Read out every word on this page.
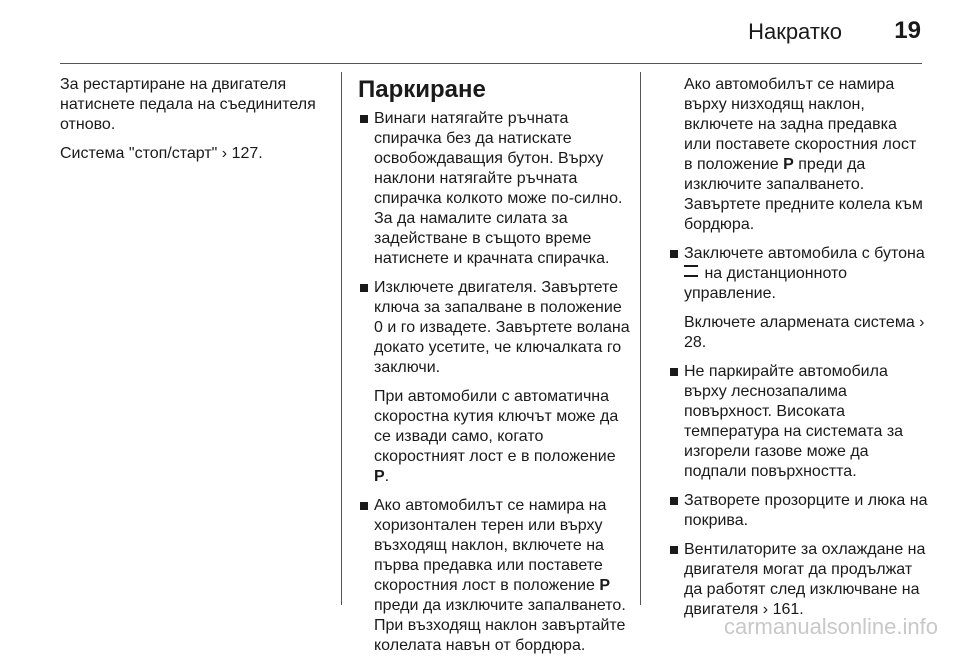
Накратко 19

За рестартиране на двигателя натиснете педала на съединителя отново.

Система "стоп/старт" › 127.

Паркиране

Винаги натягайте ръчната спирачка без да натискате освобождаващия бутон. Върху наклони натягайте ръчната спирачка колкото може по-силно. За да намалите силата за задействане в същото време натиснете и крачната спирачка.

Изключете двигателя. Завъртете ключа за запалване в положение 0 и го извадете. Завъртете волана докато усетите, че ключалката го заключи.

При автомобили с автоматична скоростна кутия ключът може да се извади само, когато скоростният лост е в положение P.

Ако автомобилът се намира на хоризонтален терен или върху възходящ наклон, включете на първа предавка или поставете скоростния лост в положение P преди да изключите запалването. При възходящ наклон завъртайте колелата навън от бордюра.

Ако автомобилът се намира върху низходящ наклон, включете на задна предавка или поставете скоростния лост в положение P преди да изключите запалването. Завъртете предните колела към бордюра.

Заключете автомобила с бутона  на дистанционното управление.

Включете алармената система › 28.

Не паркирайте автомобила върху леснозапалима повърхност. Високата температура на системата за изгорели газове може да подпали повърхността.

Затворете прозорците и люка на покрива.

Вентилаторите за охлаждане на двигателя могат да продължат да работят след изключване на двигателя › 161.

carmanualsonline.info
